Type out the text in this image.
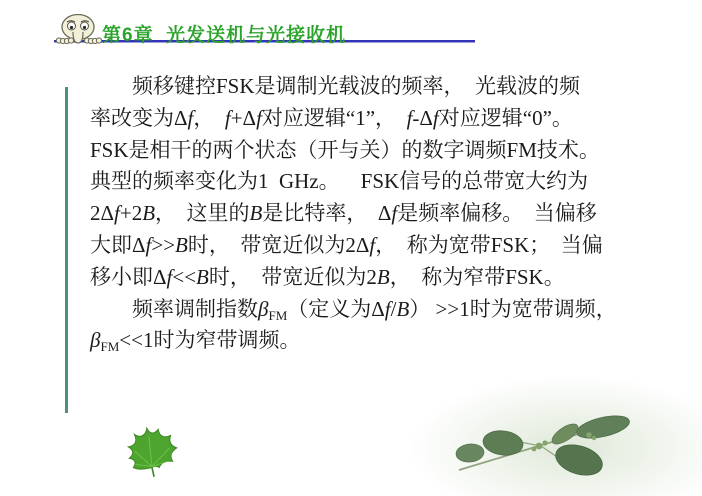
第6章  光发送机与光接收机
频移键控FSK是调制光载波的频率，  光载波的频
率改变为Δf，  f+Δf对应逻辑“1”，  f-Δf对应逻辑“0”。
FSK是相干的两个状态（开与关）的数字调频FM技术。
典型的频率变化为1  GHz。    FSK信号的总带宽大约为
2Δf+2B，  这里的B是比特率，  Δf是频率偏移。  当偏移
大即Δf>>B时，  带宽近似为2Δf，  称为宽带FSK；  当偏
移小即Δf<<B时，  带宽近似为2B，  称为窄带FSK。
频率调制指数βFM（定义为Δf/B） >>1时为宽带调频，
βFM<<1时为窄带调频。
